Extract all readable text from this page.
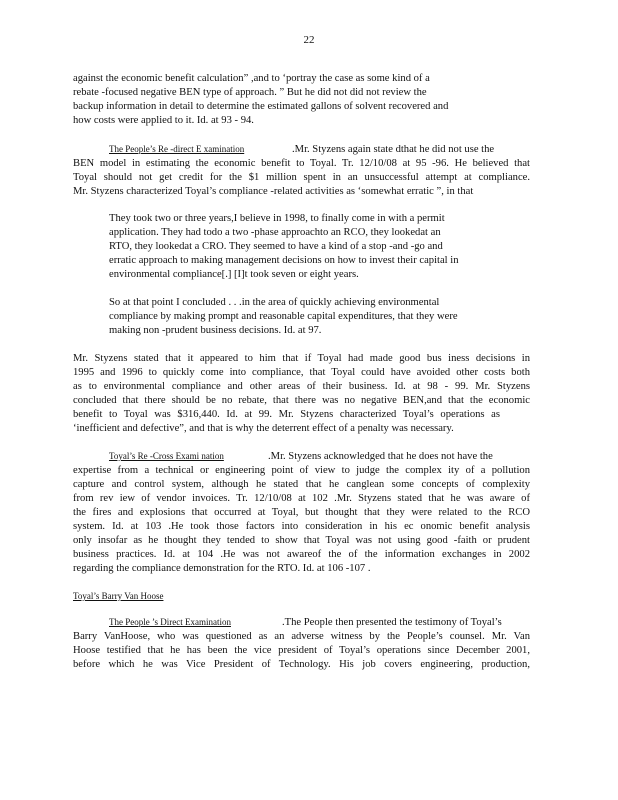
22
against the economic benefit calculation” ,and to ‘portray the case as some kind of a
rebate -focused negative BEN type of approach. ” But he did not did not review the
backup information in detail to determine the estimated gallons of solvent recovered and
how costs were applied to it. Id. at 93 - 94.
The People’s Re -direct E xamination	.Mr. Styzens again state dthat he did not use the
BEN model in estimating the economic benefit to Toyal. Tr. 12/10/08 at 95 -96. He believed that
Toyal should not get credit for the $1 million spent in an unsuccessful attempt at compliance.
Mr. Styzens characterized Toyal’s compliance -related activities as ‘somewhat erratic ”, in that
They took two or three years,I believe in 1998, to finally come in with a permit
application. They had todo a two -phase approachto an RCO, they lookedat an
RTO, they lookedat a CRO. They seemed to have a kind of a stop -and -go and
erratic approach to making management decisions on how to invest their capital in
environmental compliance[.] [I]t took seven or eight years.
So at that point I concluded . . .in the area of quickly achieving environmental
compliance by making prompt and reasonable capital expenditures, that they were
making non -prudent business decisions. Id. at 97.
Mr. Styzens stated that it appeared to him that if Toyal had made good bus iness decisions in
1995 and 1996 to quickly come into compliance, that Toyal could have avoided other costs both
as to environmental compliance and other areas of their business. Id. at 98 - 99. Mr. Styzens
concluded that there should be no rebate, that there was no negative BEN,and that the economic
benefit to Toyal was $316,440. Id. at 99. Mr. Styzens characterized Toyal’s operations as
‘inefficient and defective”, and that is why the deterrent effect of a penalty was necessary.
Toyal’s Re -Cross Exami nation	.Mr. Styzens acknowledged that he does not have the
expertise from a technical or engineering point of view to judge the complex ity of a pollution
capture and control system, although he stated that he canglean some concepts of complexity
from rev iew of vendor invoices. Tr. 12/10/08 at 102 .Mr. Styzens stated that he was aware of
the fires and explosions that occurred at Toyal, but thought that they were related to the RCO
system. Id. at 103 .He took those factors into consideration in his ec onomic benefit analysis
only insofar as he thought they tended to show that Toyal was not using good -faith or prudent
business practices. Id. at 104 .He was not awareof the of the information exchanges in 2002
regarding the compliance demonstration for the RTO. Id. at 106 -107 .
Toyal’s Barry Van Hoose
The People ’s Direct Examination	.The People then presented the testimony of Toyal’s
Barry VanHoose, who was questioned as an adverse witness by the People’s counsel. Mr. Van
Hoose testified that he has been the vice president of Toyal’s operations since December 2001,
before which he was Vice President of Technology. His job covers engineering, production,
